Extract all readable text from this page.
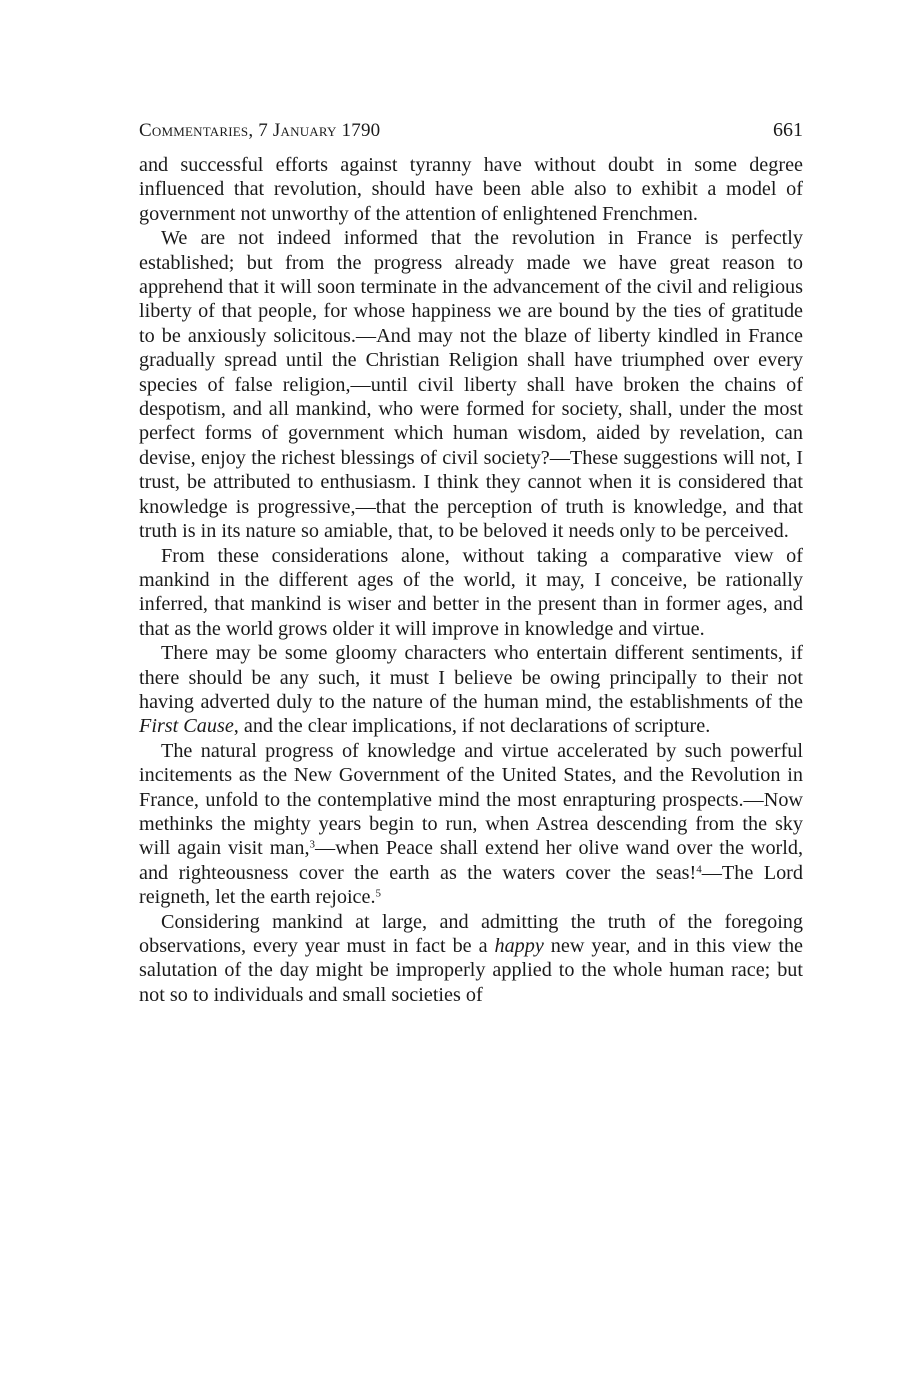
Commentaries, 7 January 1790	661

and successful efforts against tyranny have without doubt in some degree influenced that revolution, should have been able also to exhibit a model of government not unworthy of the attention of enlightened Frenchmen.

We are not indeed informed that the revolution in France is perfectly established; but from the progress already made we have great reason to apprehend that it will soon terminate in the advancement of the civil and religious liberty of that people, for whose happiness we are bound by the ties of gratitude to be anxiously solicitous.—And may not the blaze of liberty kindled in France gradually spread until the Christian Religion shall have triumphed over every species of false religion,—until civil liberty shall have broken the chains of despotism, and all mankind, who were formed for society, shall, under the most perfect forms of government which human wisdom, aided by revelation, can devise, enjoy the richest blessings of civil society?—These suggestions will not, I trust, be attributed to enthusiasm. I think they cannot when it is considered that knowledge is progressive,—that the perception of truth is knowledge, and that truth is in its nature so amiable, that, to be beloved it needs only to be perceived.

From these considerations alone, without taking a comparative view of mankind in the different ages of the world, it may, I conceive, be rationally inferred, that mankind is wiser and better in the present than in former ages, and that as the world grows older it will improve in knowledge and virtue.

There may be some gloomy characters who entertain different sentiments, if there should be any such, it must I believe be owing principally to their not having adverted duly to the nature of the human mind, the establishments of the First Cause, and the clear implications, if not declarations of scripture.

The natural progress of knowledge and virtue accelerated by such powerful incitements as the New Government of the United States, and the Revolution in France, unfold to the contemplative mind the most enrapturing prospects.—Now methinks the mighty years begin to run, when Astrea descending from the sky will again visit man,$^3$—when Peace shall extend her olive wand over the world, and righteousness cover the earth as the waters cover the seas!$^4$—The Lord reigneth, let the earth rejoice.$^5$

Considering mankind at large, and admitting the truth of the foregoing observations, every year must in fact be a happy new year, and in this view the salutation of the day might be improperly applied to the whole human race; but not so to individuals and small societies of
